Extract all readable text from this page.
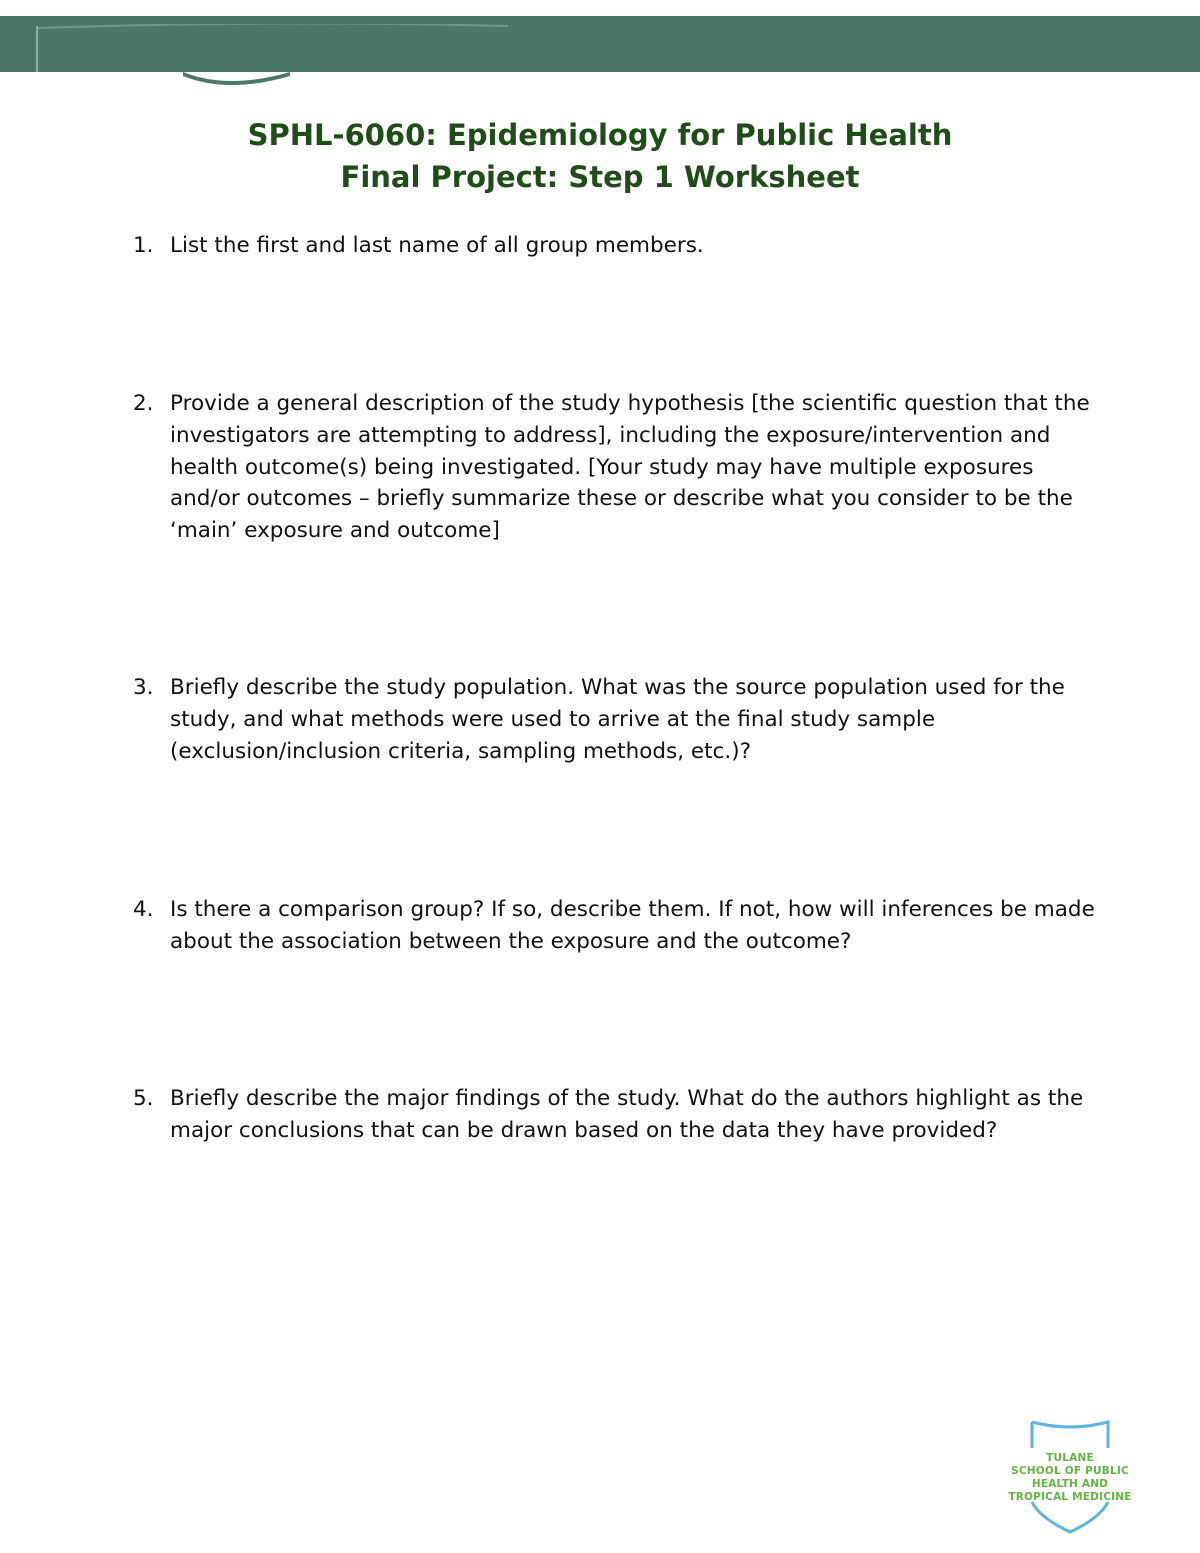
SPHL-6060: Epidemiology for Public Health
Final Project: Step 1 Worksheet
1. List the first and last name of all group members.
2. Provide a general description of the study hypothesis [the scientific question that the investigators are attempting to address], including the exposure/intervention and health outcome(s) being investigated. [Your study may have multiple exposures and/or outcomes – briefly summarize these or describe what you consider to be the ‘main’ exposure and outcome]
3. Briefly describe the study population. What was the source population used for the study, and what methods were used to arrive at the final study sample (exclusion/inclusion criteria, sampling methods, etc.)?
4. Is there a comparison group? If so, describe them. If not, how will inferences be made about the association between the exposure and the outcome?
5. Briefly describe the major findings of the study. What do the authors highlight as the major conclusions that can be drawn based on the data they have provided?
TULANE
SCHOOL OF PUBLIC
HEALTH AND
TROPICAL MEDICINE
